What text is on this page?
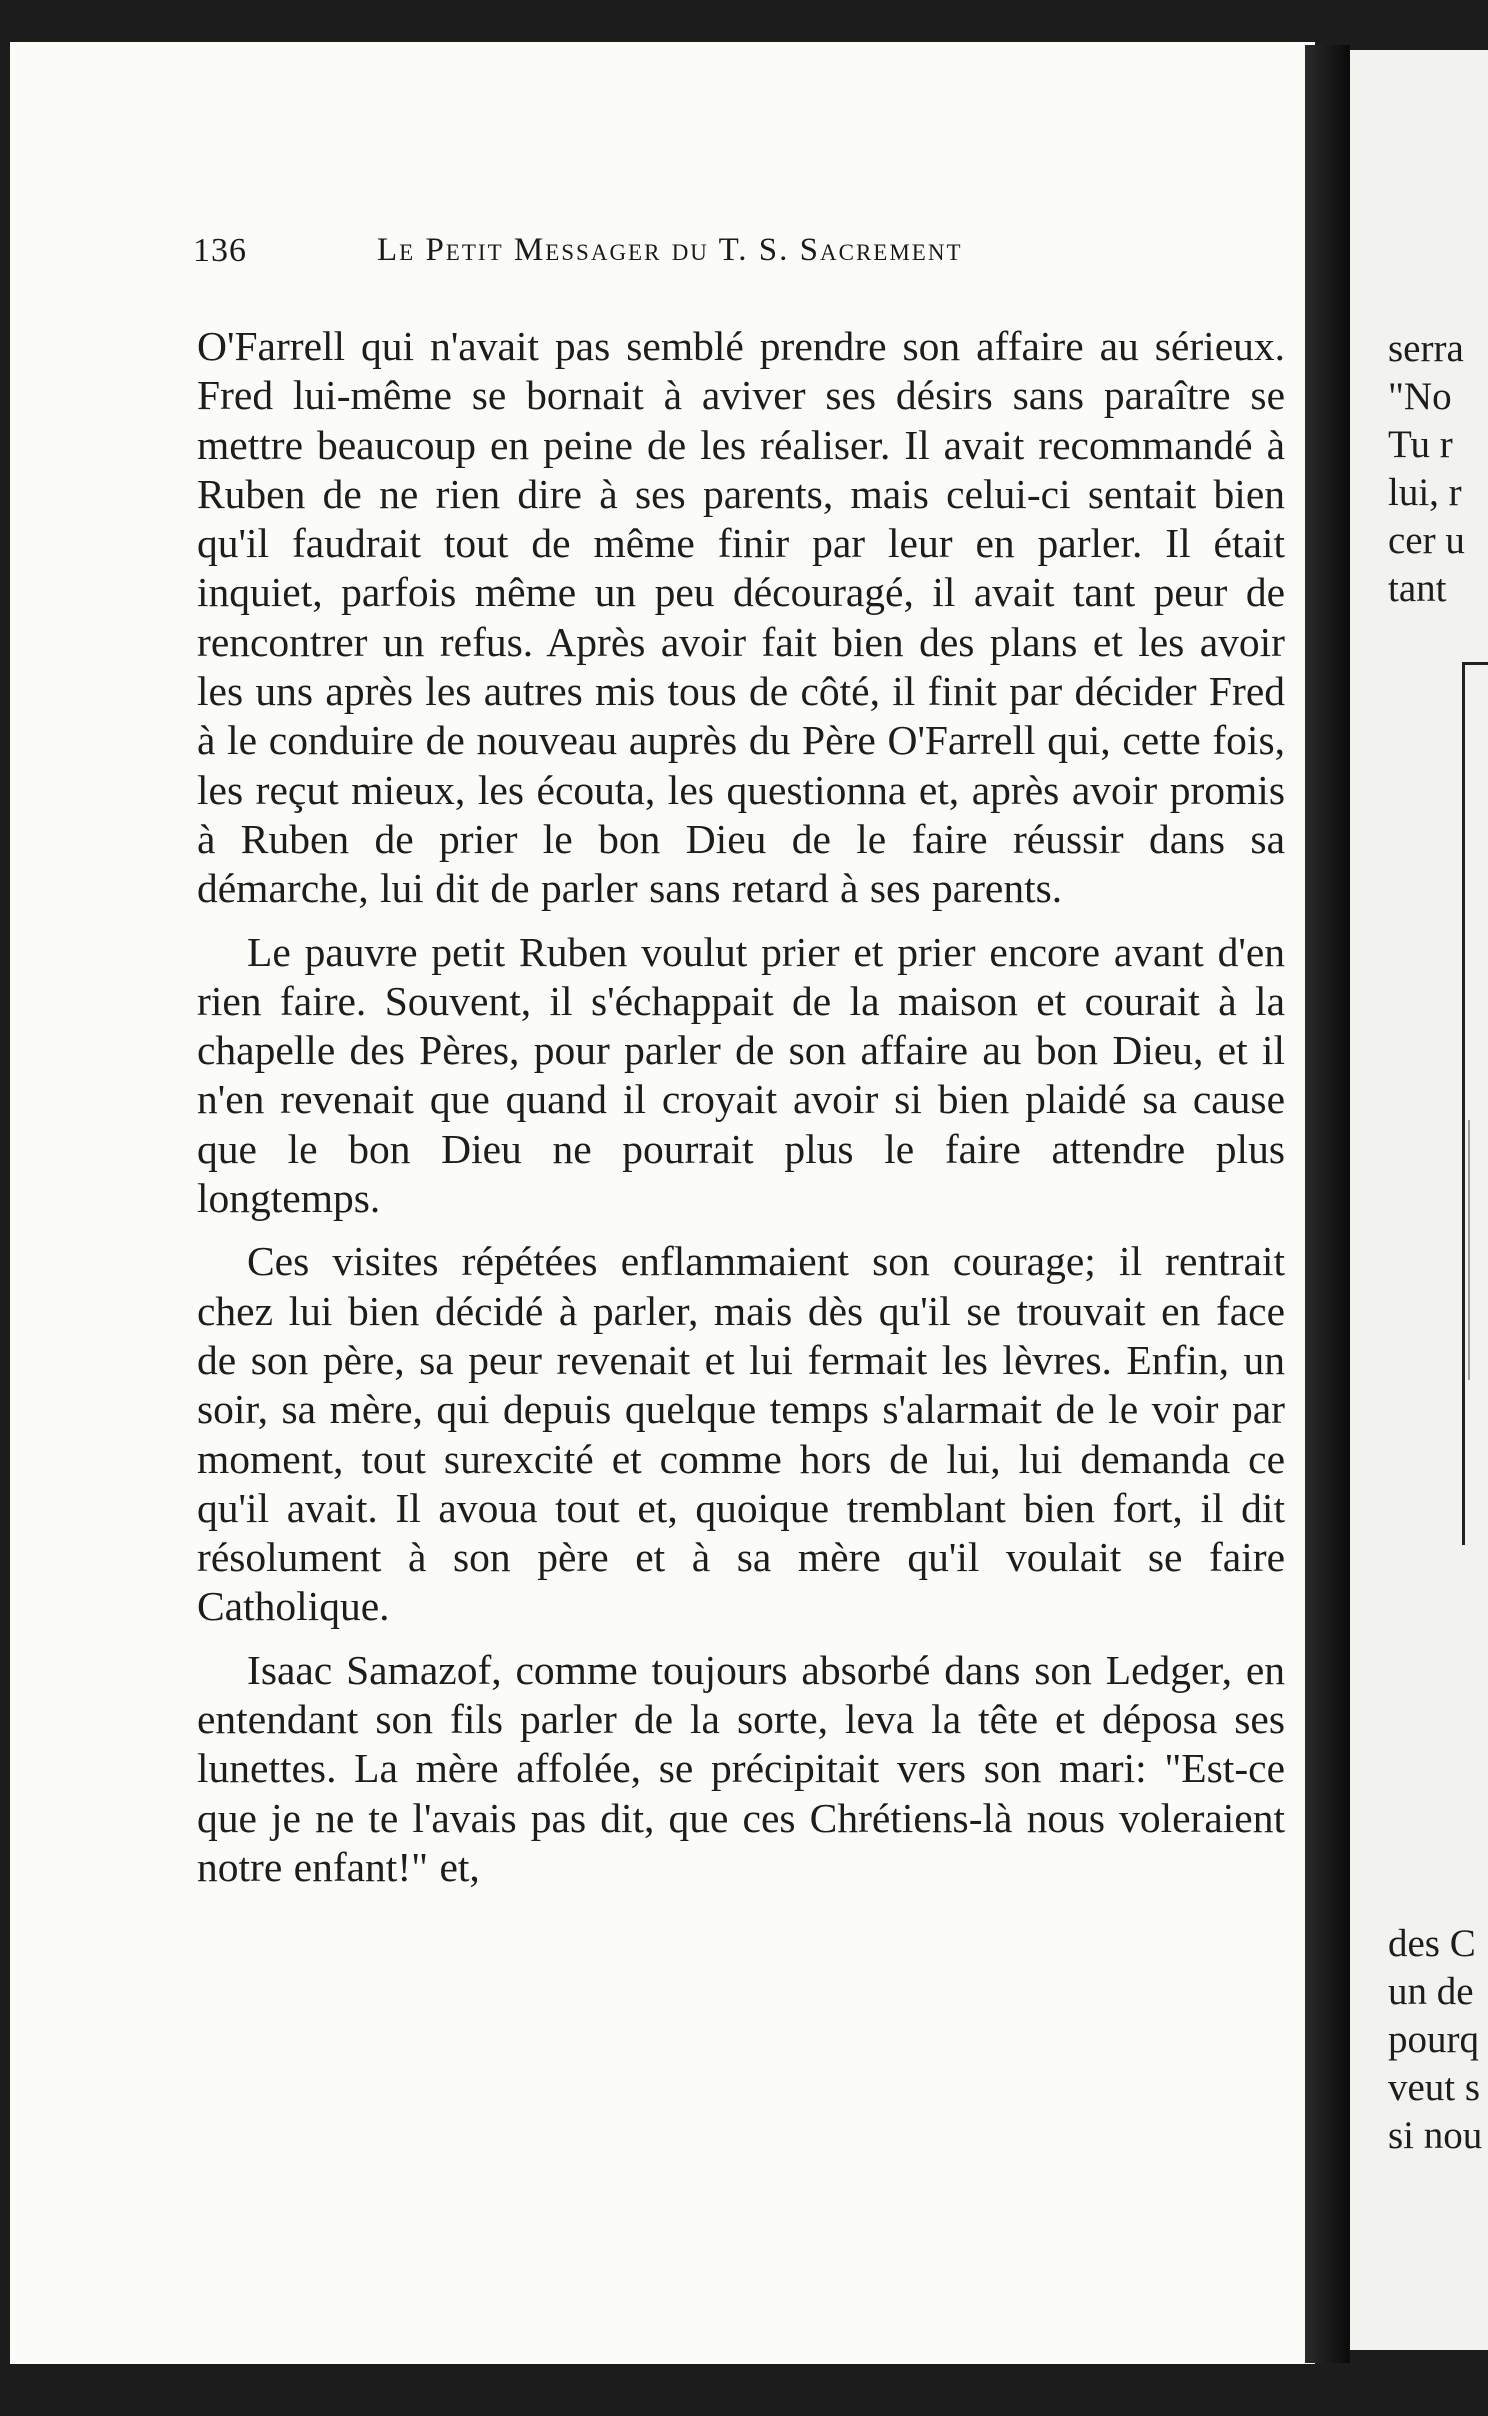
serra
"No
Tu r
lui, r
cer u
tant
des C
un de
pourq
veut s
si nou
136	Le Petit Messager du T. S. Sacrement

O'Farrell qui n'avait pas semblé prendre son affaire au sérieux. Fred lui-même se bornait à aviver ses désirs sans paraître se mettre beaucoup en peine de les réaliser. Il avait recommandé à Ruben de ne rien dire à ses parents, mais celui-ci sentait bien qu'il faudrait tout de même finir par leur en parler. Il était inquiet, parfois même un peu découragé, il avait tant peur de rencontrer un refus. Après avoir fait bien des plans et les avoir les uns après les autres mis tous de côté, il finit par décider Fred à le conduire de nouveau auprès du Père O'Farrell qui, cette fois, les reçut mieux, les écouta, les questionna et, après avoir promis à Ruben de prier le bon Dieu de le faire réussir dans sa démarche, lui dit de parler sans retard à ses parents.

Le pauvre petit Ruben voulut prier et prier encore avant d'en rien faire. Souvent, il s'échappait de la maison et courait à la chapelle des Pères, pour parler de son affaire au bon Dieu, et il n'en revenait que quand il croyait avoir si bien plaidé sa cause que le bon Dieu ne pourrait plus le faire attendre plus longtemps.

Ces visites répétées enflammaient son courage; il rentrait chez lui bien décidé à parler, mais dès qu'il se trouvait en face de son père, sa peur revenait et lui fermait les lèvres. Enfin, un soir, sa mère, qui depuis quelque temps s'alarmait de le voir par moment, tout surexcité et comme hors de lui, lui demanda ce qu'il avait. Il avoua tout et, quoique tremblant bien fort, il dit résolument à son père et à sa mère qu'il voulait se faire Catholique.

Isaac Samazof, comme toujours absorbé dans son Ledger, en entendant son fils parler de la sorte, leva la tête et déposa ses lunettes. La mère affolée, se précipitait vers son mari: "Est-ce que je ne te l'avais pas dit, que ces Chrétiens-là nous voleraient notre enfant!" et,
